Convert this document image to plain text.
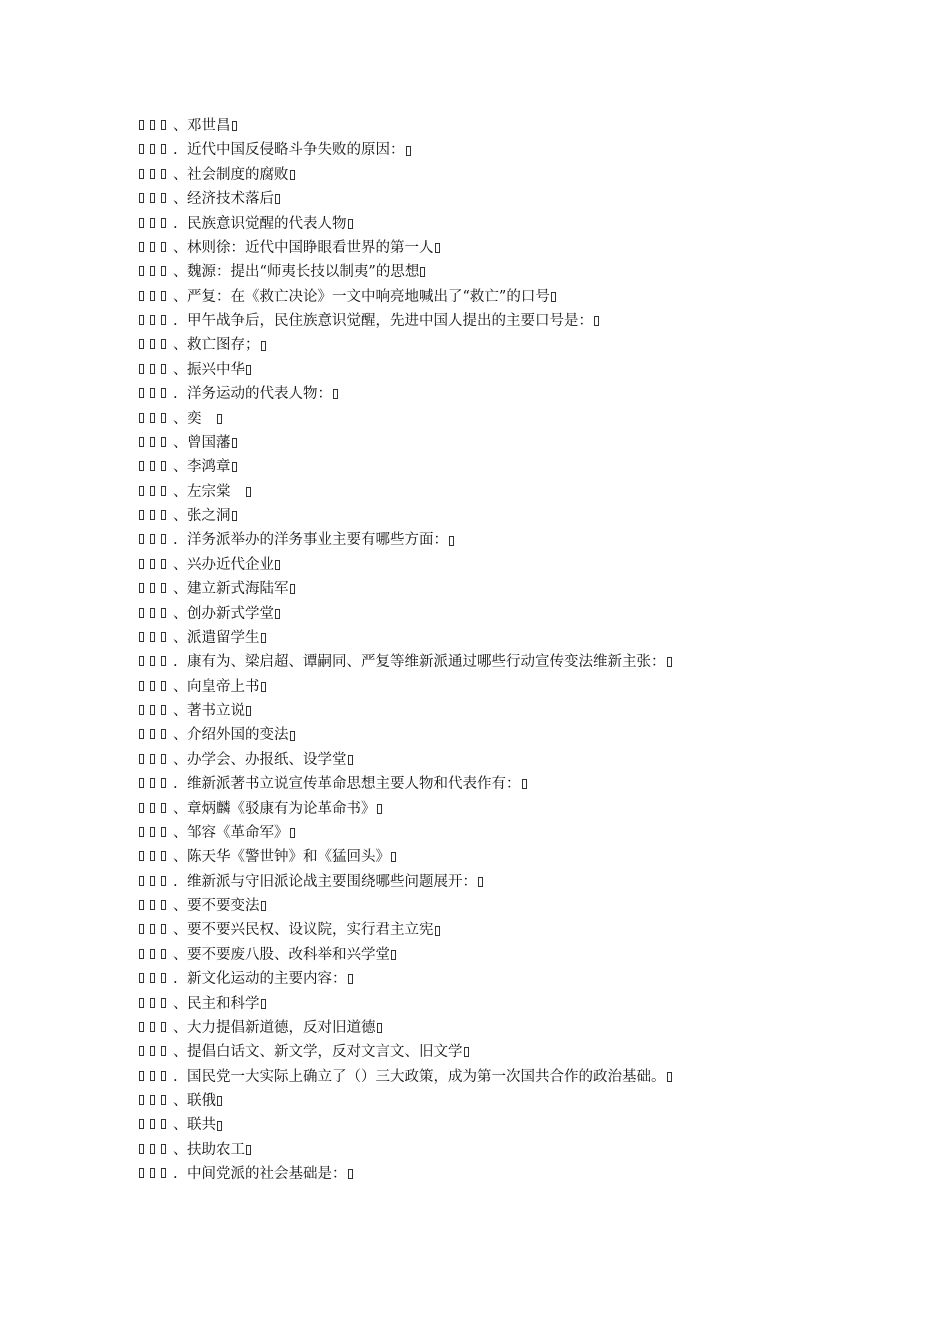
、 邓世昌
. 近代中国反侵略斗争失败的原因：
、 社会制度的腐败
、 经济技术落后
. 民族意识觉醒的代表人物
、 林则徐：近代中国睁眼看世界的第一人
、 魏源：提出“师夷长技以制夷”的思想
、 严复：在《救亡决论》一文中响亮地喊出了“救亡”的口号
. 甲午战争后，民住族意识觉醒，先进中国人提出的主要口号是：
、 救亡图存；
、 振兴中华
. 洋务运动的代表人物：
、 奕　
、 曾国藩
、 李鸿章
、 左宗棠　
、 张之洞
. 洋务派举办的洋务事业主要有哪些方面：
、 兴办近代企业
、 建立新式海陆军
、 创办新式学堂
、 派遣留学生
. 康有为、梁启超、谭嗣同、严复等维新派通过哪些行动宣传变法维新主张：
、 向皇帝上书
、 著书立说
、 介绍外国的变法
、 办学会、办报纸、设学堂
. 维新派著书立说宣传革命思想主要人物和代表作有：
、 章炳麟《驳康有为论革命书》
、 邹容《革命军》
、 陈天华《警世钟》和《猛回头》
. 维新派与守旧派论战主要围绕哪些问题展开：
、 要不要变法
、 要不要兴民权、设议院，实行君主立宪
、 要不要废八股、改科举和兴学堂
. 新文化运动的主要内容：
、 民主和科学
、 大力提倡新道德，反对旧道德
、 提倡白话文、新文学，反对文言文、旧文学
. 国民党一大实际上确立了（）三大政策，成为第一次国共合作的政治基础。
、 联俄
、 联共
、 扶助农工
. 中间党派的社会基础是：
